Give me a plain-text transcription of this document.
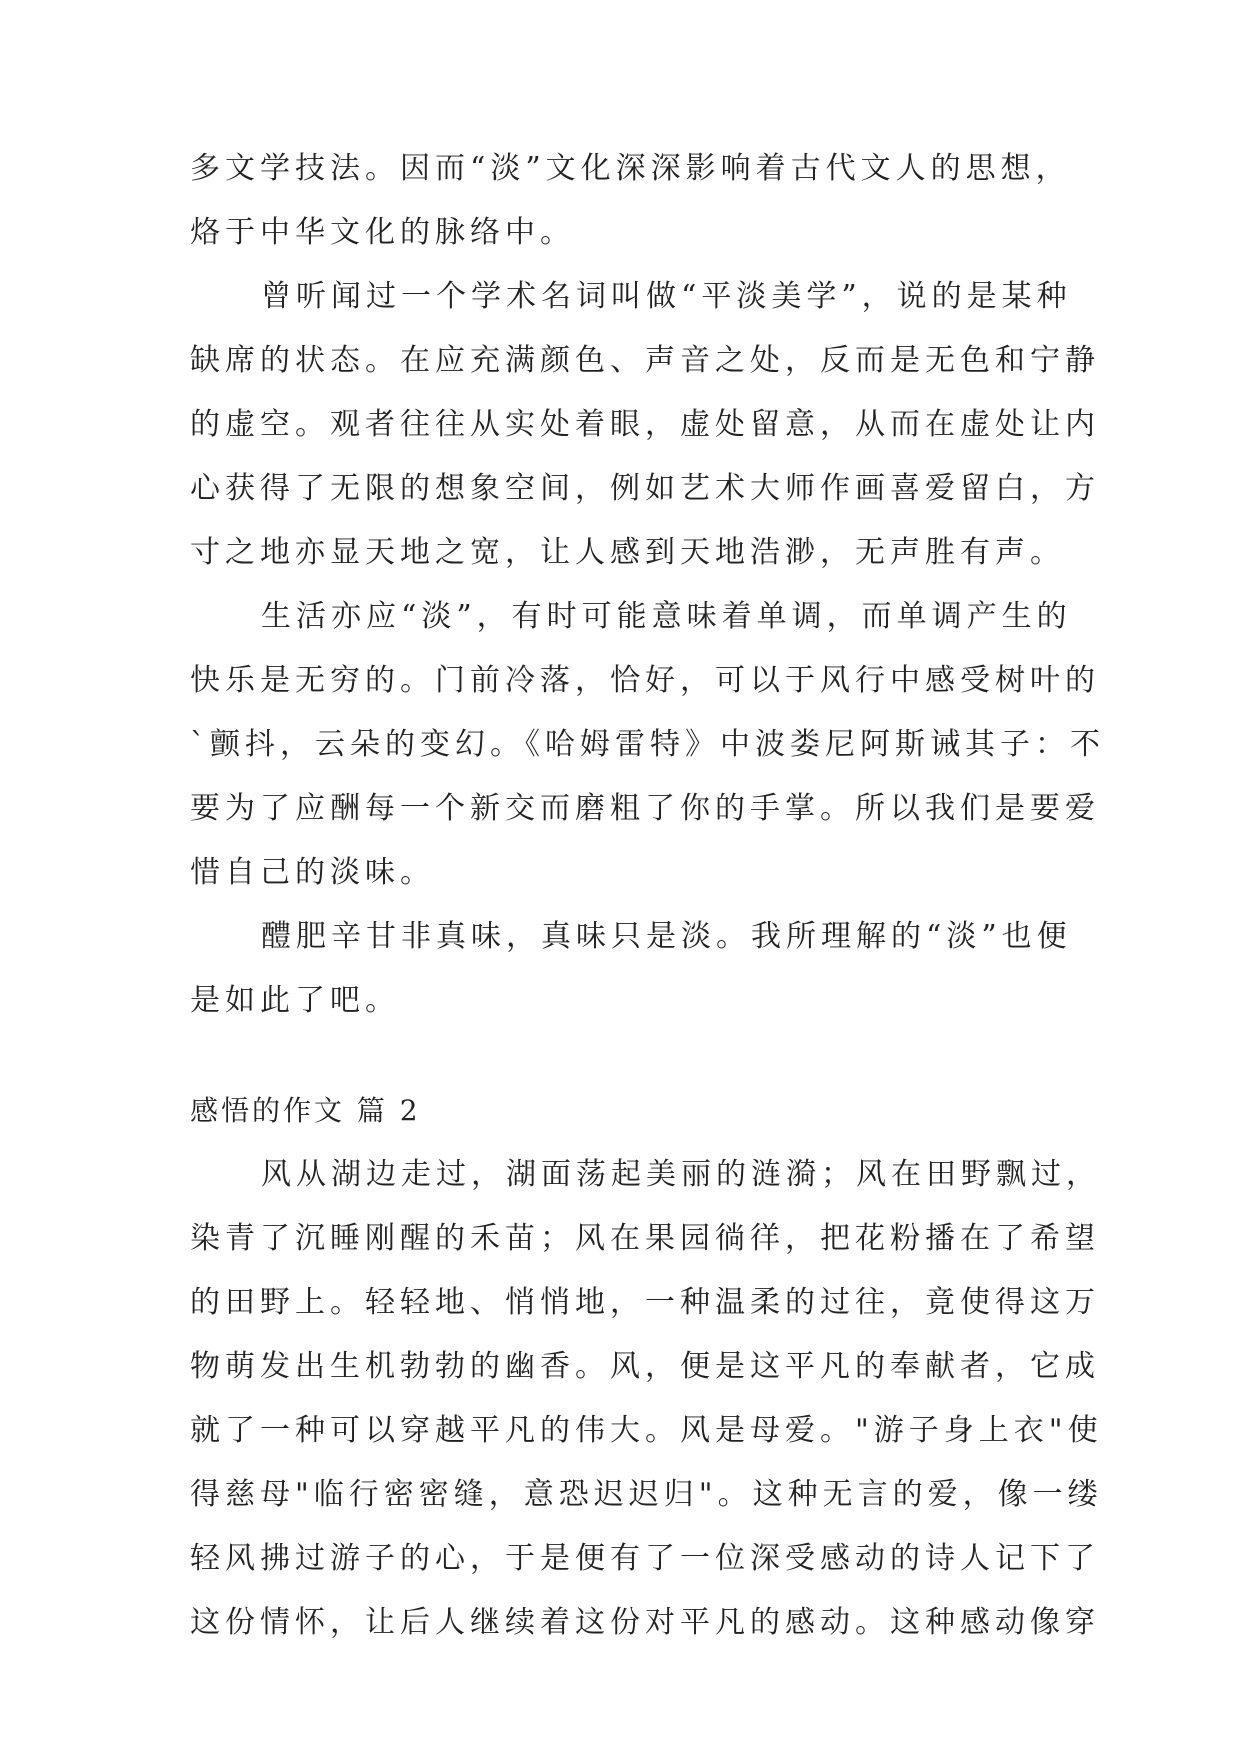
多文学技法。因而“淡”文化深深影响着古代文人的思想，
烙于中华文化的脉络中。
曾听闻过一个学术名词叫做“平淡美学”，说的是某种
缺席的状态。在应充满颜色、声音之处，反而是无色和宁静
的虚空。观者往往从实处着眼，虚处留意，从而在虚处让内
心获得了无限的想象空间，例如艺术大师作画喜爱留白，方
寸之地亦显天地之宽，让人感到天地浩渺，无声胜有声。
生活亦应“淡”，有时可能意味着单调，而单调产生的
快乐是无穷的。门前冷落，恰好，可以于风行中感受树叶的
`颤抖，云朵的变幻。《哈姆雷特》中波娄尼阿斯诫其子：不
要为了应酬每一个新交而磨粗了你的手掌。所以我们是要爱
惜自己的淡味。
醴肥辛甘非真味，真味只是淡。我所理解的“淡”也便
是如此了吧。
感悟的作文 篇 2
风从湖边走过，湖面荡起美丽的涟漪；风在田野飘过，
染青了沉睡刚醒的禾苗；风在果园徜徉，把花粉播在了希望
的田野上。轻轻地、悄悄地，一种温柔的过往，竟使得这万
物萌发出生机勃勃的幽香。风，便是这平凡的奉献者，它成
就了一种可以穿越平凡的伟大。风是母爱。"游子身上衣"使
得慈母"临行密密缝，意恐迟迟归"。这种无言的爱，像一缕
轻风拂过游子的心，于是便有了一位深受感动的诗人记下了
这份情怀，让后人继续着这份对平凡的感动。这种感动像穿
